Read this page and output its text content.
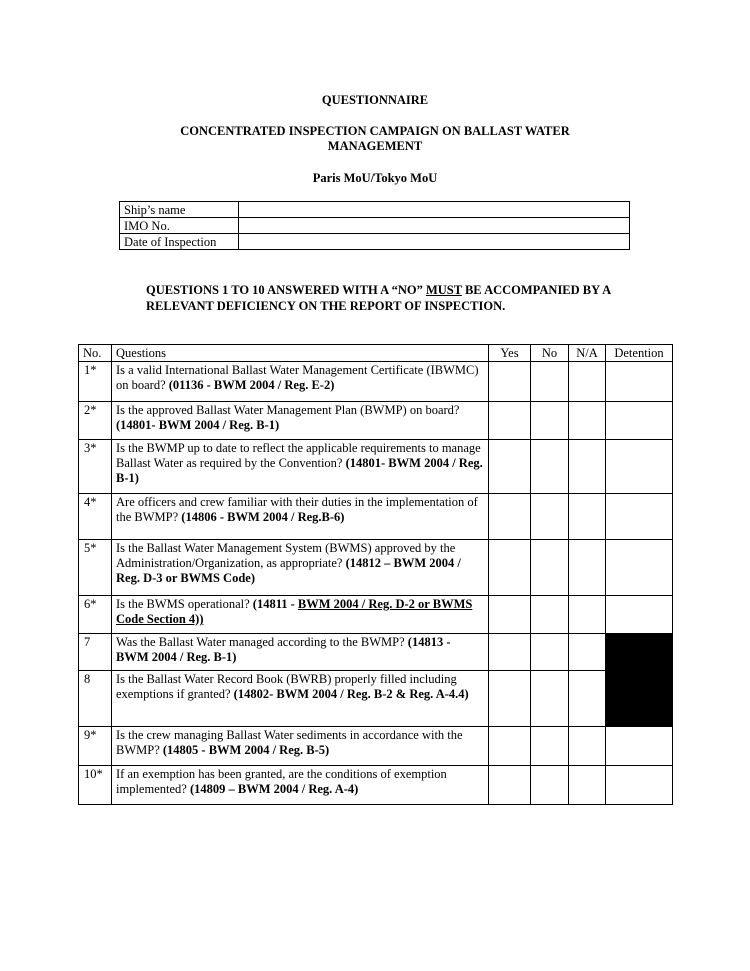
QUESTIONNAIRE
CONCENTRATED INSPECTION CAMPAIGN ON BALLAST WATER
MANAGEMENT
Paris MoU/Tokyo MoU
Ship’s name	
IMO No.	
Date of Inspection	
QUESTIONS 1 TO 10 ANSWERED WITH A “NO” MUST BE ACCOMPANIED BY A RELEVANT DEFICIENCY ON THE REPORT OF INSPECTION.
No.	Questions	Yes	No	N/A	Detention
1*	Is a valid International Ballast Water Management Certificate (IBWMC) on board? (01136 - BWM 2004 / Reg. E-2)				
2*	Is the approved Ballast Water Management Plan (BWMP) on board? (14801- BWM 2004 / Reg. B-1)				
3*	Is the BWMP up to date to reflect the applicable requirements to manage Ballast Water as required by the Convention? (14801- BWM 2004 / Reg. B-1)				
4*	Are officers and crew familiar with their duties in the implementation of the BWMP? (14806 - BWM 2004 / Reg.B-6)				
5*	Is the Ballast Water Management System (BWMS) approved by the Administration/Organization, as appropriate? (14812 – BWM 2004 / Reg. D-3 or BWMS Code)				
6*	Is the BWMS operational? (14811 - BWM 2004 / Reg. D-2 or BWMS Code Section 4))				
7	Was the Ballast Water managed according to the BWMP? (14813 - BWM 2004 / Reg. B-1)				
8	Is the Ballast Water Record Book (BWRB) properly filled including exemptions if granted? (14802- BWM 2004 / Reg. B-2 & Reg. A-4.4)				
9*	Is the crew managing Ballast Water sediments in accordance with the BWMP? (14805 - BWM 2004 / Reg. B-5)				
10*	If an exemption has been granted, are the conditions of exemption implemented? (14809 – BWM 2004 / Reg. A-4)				
